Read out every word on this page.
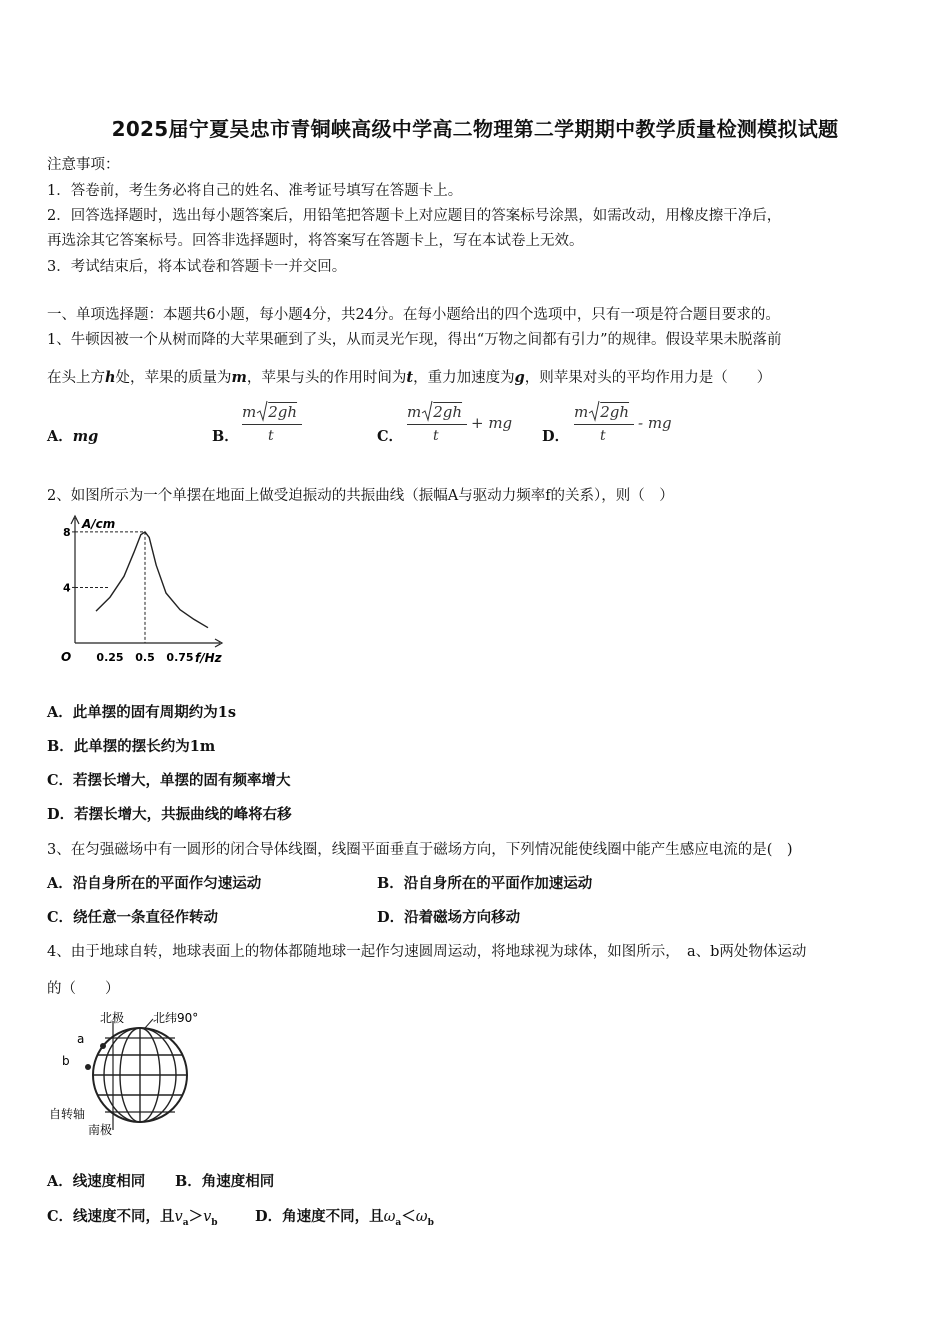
2025届宁夏吴忠市青铜峡高级中学高二物理第二学期期中教学质量检测模拟试题
注意事项：
1．答卷前，考生务必将自己的姓名、准考证号填写在答题卡上。
2．回答选择题时，选出每小题答案后，用铅笔把答题卡上对应题目的答案标号涂黑，如需改动，用橡皮擦干净后，
再选涂其它答案标号。回答非选择题时，将答案写在答题卡上，写在本试卷上无效。
3．考试结束后，将本试卷和答题卡一并交回。
一、单项选择题：本题共6小题，每小题4分，共24分。在每小题给出的四个选项中，只有一项是符合题目要求的。
1、牛顿因被一个从树而降的大苹果砸到了头，从而灵光乍现，得出“万物之间都有引力”的规律。假设苹果未脱落前
在头上方h处，苹果的质量为m，苹果与头的作用时间为t，重力加速度为g，则苹果对头的平均作用力是（　　）
A．mg	B．
m 2gh
t	C．
m 2gh
t
+ mg
D．
m 2gh
t
- mg
2、如图所示为一个单摆在地面上做受迫振动的共振曲线（振幅A与驱动力频率f的关系），则（　）
A/cm
f/Hz
O 0.25 0.5 0.75
4
8
A．此单摆的固有周期约为1s
B．此单摆的摆长约为1m
C．若摆长增大，单摆的固有频率增大
D．若摆长增大，共振曲线的峰将右移
3、在匀强磁场中有一圆形的闭合导体线圈，线圈平面垂直于磁场方向，下列情况能使线圈中能产生感应电流的是(　)
A．沿自身所在的平面作匀速运动	B．沿自身所在的平面作加速运动
C．绕任意一条直径作转动	D．沿着磁场方向移动
4、由于地球自转，地球表面上的物体都随地球一起作匀速圆周运动，将地球视为球体，如图所示，　a、b两处物体运动
的（　　）
北极 北纬90°
a
b
自转轴
南极
A．线速度相同 B．角速度相同
C．线速度不同，且$v_a>v_b$	D．角速度不同，且$\omega_a<\omega_b$
